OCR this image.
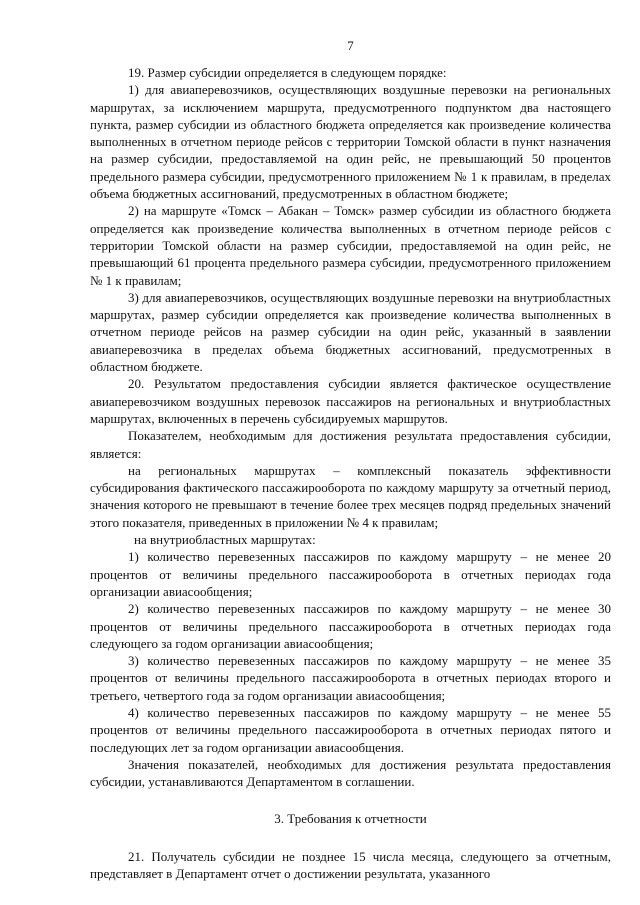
7

19. Размер субсидии определяется в следующем порядке:

1) для авиаперевозчиков, осуществляющих воздушные перевозки на региональных маршрутах, за исключением маршрута, предусмотренного подпунктом два настоящего пункта, размер субсидии из областного бюджета определяется как произведение количества выполненных в отчетном периоде рейсов с территории Томской области в пункт назначения на размер субсидии, предоставляемой на один рейс, не превышающий 50 процентов предельного размера субсидии, предусмотренного приложением № 1 к правилам, в пределах объема бюджетных ассигнований, предусмотренных в областном бюджете;

2) на маршруте «Томск – Абакан – Томск» размер субсидии из областного бюджета определяется как произведение количества выполненных в отчетном периоде рейсов с территории Томской области на размер субсидии, предоставляемой на один рейс, не превышающий 61 процента предельного размера субсидии, предусмотренного приложением № 1 к правилам;

3) для авиаперевозчиков, осуществляющих воздушные перевозки на внутриобластных маршрутах, размер субсидии определяется как произведение количества выполненных в отчетном периоде рейсов на размер субсидии на один рейс, указанный в заявлении авиаперевозчика в пределах объема бюджетных ассигнований, предусмотренных в областном бюджете.

20. Результатом предоставления субсидии является фактическое осуществление авиаперевозчиком воздушных перевозок пассажиров на региональных и внутриобластных маршрутах, включенных в перечень субсидируемых маршрутов.

Показателем, необходимым для достижения результата предоставления субсидии, является:

на региональных маршрутах – комплексный показатель эффективности субсидирования фактического пассажирооборота по каждому маршруту за отчетный период, значения которого не превышают в течение более трех месяцев подряд предельных значений этого показателя, приведенных в приложении № 4 к правилам;

на внутриобластных маршрутах:

1) количество перевезенных пассажиров по каждому маршруту – не менее 20 процентов от величины предельного пассажирооборота в отчетных периодах года организации авиасообщения;

2) количество перевезенных пассажиров по каждому маршруту – не менее 30 процентов от величины предельного пассажирооборота в отчетных периодах года следующего за годом организации авиасообщения;

3) количество перевезенных пассажиров по каждому маршруту – не менее 35 процентов от величины предельного пассажирооборота в отчетных периодах второго и третьего, четвертого года за годом организации авиасообщения;

4) количество перевезенных пассажиров по каждому маршруту – не менее 55 процентов от величины предельного пассажирооборота в отчетных периодах пятого и последующих лет за годом организации авиасообщения.

Значения показателей, необходимых для достижения результата предоставления субсидии, устанавливаются Департаментом в соглашении.

3. Требования к отчетности

21. Получатель субсидии не позднее 15 числа месяца, следующего за отчетным, представляет в Департамент отчет о достижении результата, указанного
